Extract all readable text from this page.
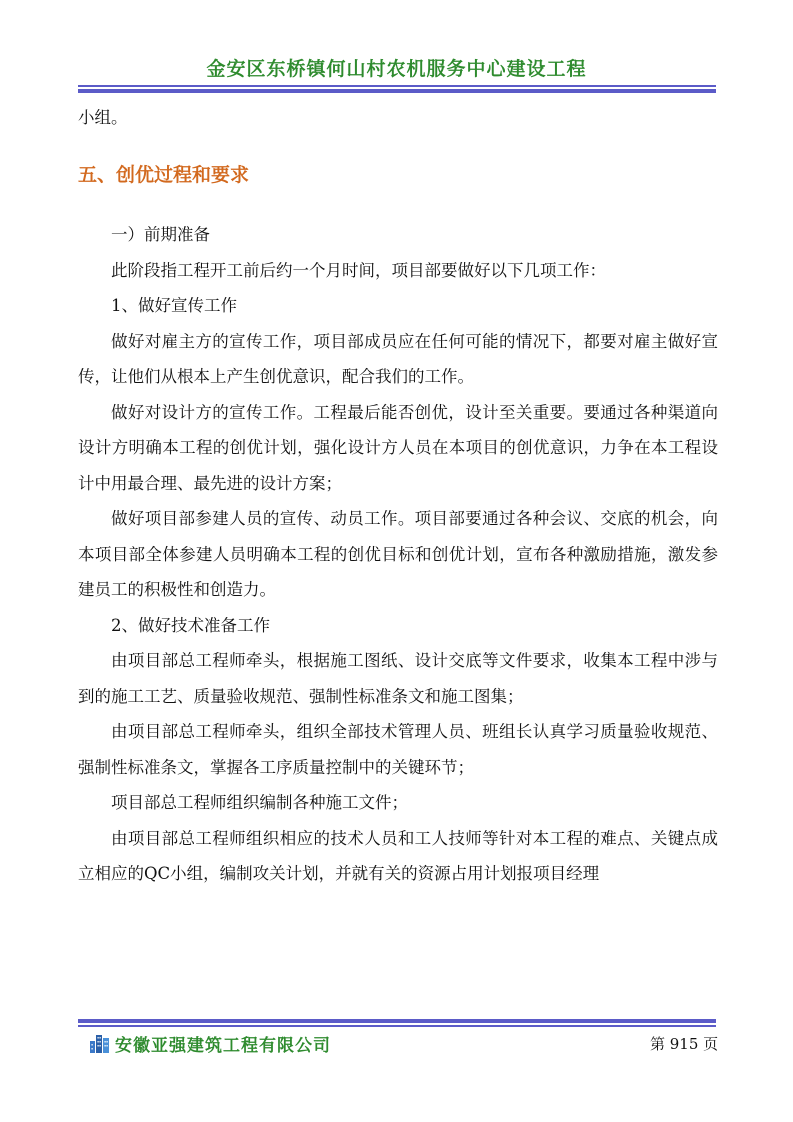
金安区东桥镇何山村农机服务中心建设工程

小组。

五、创优过程和要求

一）前期准备

此阶段指工程开工前后约一个月时间，项目部要做好以下几项工作：

1、做好宣传工作

做好对雇主方的宣传工作，项目部成员应在任何可能的情况下，都要对雇主做好宣传，让他们从根本上产生创优意识，配合我们的工作。

做好对设计方的宣传工作。工程最后能否创优，设计至关重要。要通过各种渠道向设计方明确本工程的创优计划，强化设计方人员在本项目的创优意识，力争在本工程设计中用最合理、最先进的设计方案；

做好项目部参建人员的宣传、动员工作。项目部要通过各种会议、交底的机会，向本项目部全体参建人员明确本工程的创优目标和创优计划，宣布各种激励措施，激发参建员工的积极性和创造力。

2、做好技术准备工作

由项目部总工程师牵头，根据施工图纸、设计交底等文件要求，收集本工程中涉与到的施工工艺、质量验收规范、强制性标准条文和施工图集；

由项目部总工程师牵头，组织全部技术管理人员、班组长认真学习质量验收规范、强制性标准条文，掌握各工序质量控制中的关键环节；

项目部总工程师组织编制各种施工文件；

由项目部总工程师组织相应的技术人员和工人技师等针对本工程的难点、关键点成立相应的QC小组，编制攻关计划，并就有关的资源占用计划报项目经理

安徽亚强建筑工程有限公司	第 915 页
